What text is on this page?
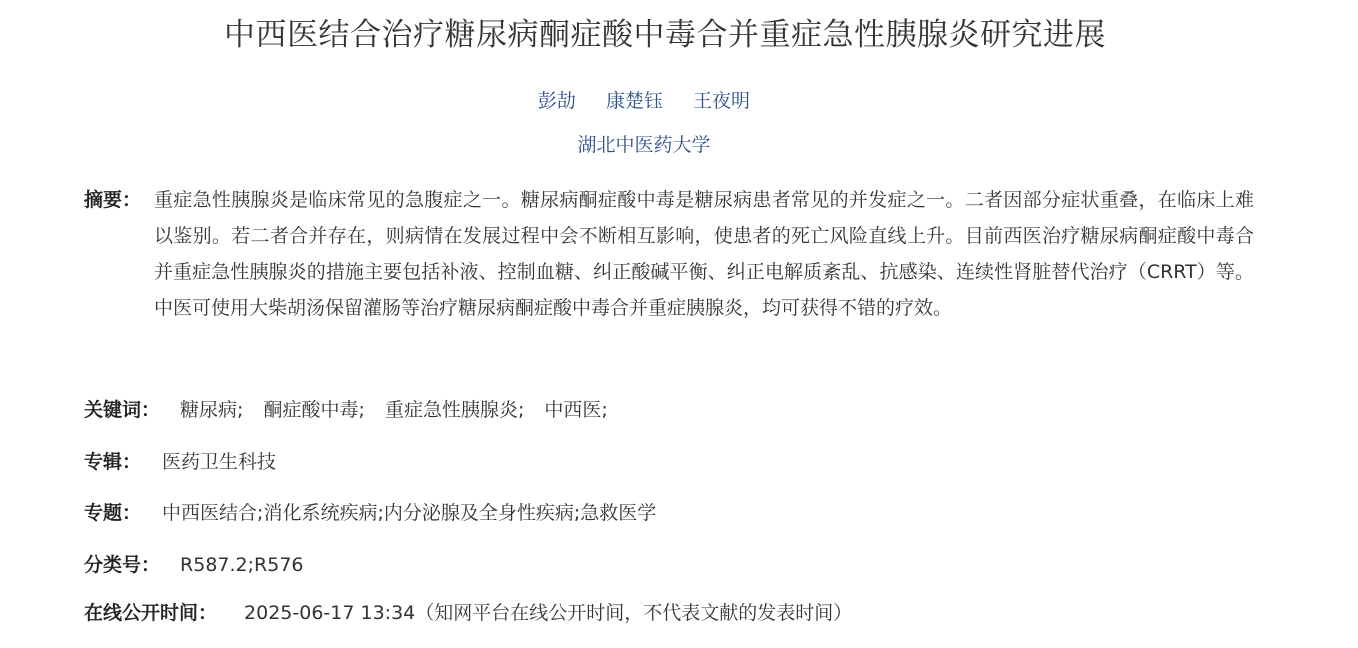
中西医结合治疗糖尿病酮症酸中毒合并重症急性胰腺炎研究进展
彭劼 康楚钰 王夜明
湖北中医药大学
摘要： 重症急性胰腺炎是临床常见的急腹症之一。糖尿病酮症酸中毒是糖尿病患者常见的并发症之一。二者因部分症状重叠，在临床上难以鉴别。若二者合并存在，则病情在发展过程中会不断相互影响，使患者的死亡风险直线上升。目前西医治疗糖尿病酮症酸中毒合并重症急性胰腺炎的措施主要包括补液、控制血糖、纠正酸碱平衡、纠正电解质紊乱、抗感染、连续性肾脏替代治疗（CRRT）等。中医可使用大柴胡汤保留灌肠等治疗糖尿病酮症酸中毒合并重症胰腺炎，均可获得不错的疗效。
关键词： 糖尿病; 酮症酸中毒; 重症急性胰腺炎; 中西医;
专辑： 医药卫生科技
专题： 中西医结合;消化系统疾病;内分泌腺及全身性疾病;急救医学
分类号： R587.2;R576
在线公开时间： 2025-06-17 13:34（知网平台在线公开时间，不代表文献的发表时间）
